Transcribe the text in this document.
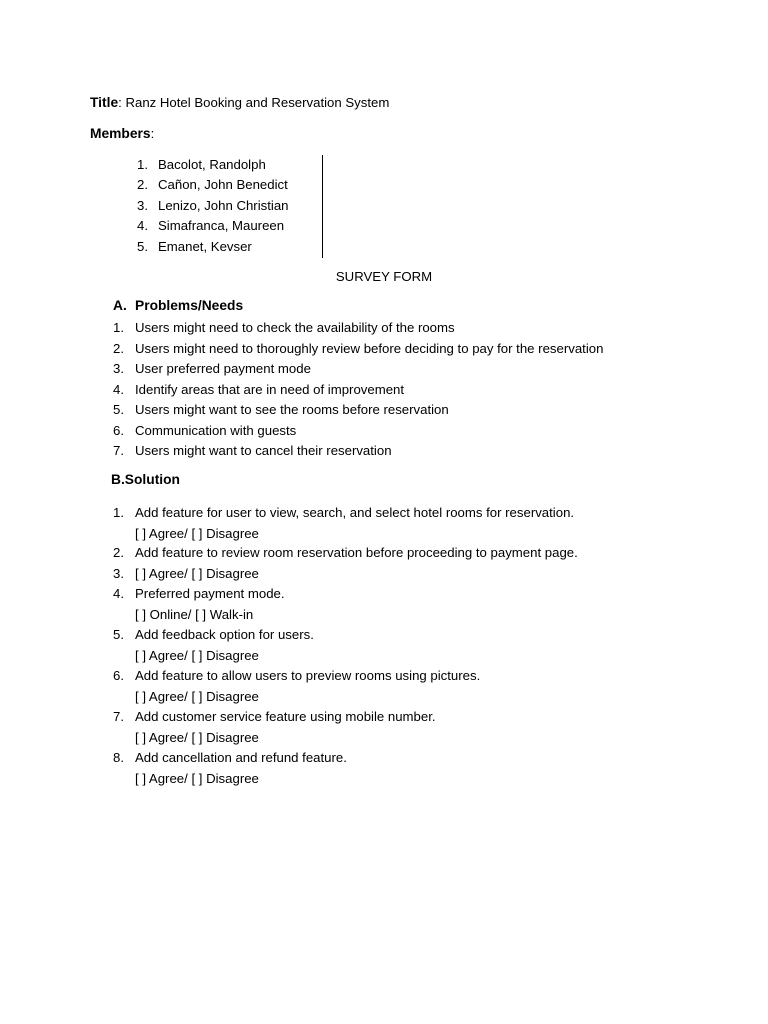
Title: Ranz Hotel Booking and Reservation System
Members:
1. Bacolot, Randolph
2. Cañon, John Benedict
3. Lenizo, John Christian
4. Simafranca, Maureen
5. Emanet, Kevser
SURVEY FORM
A. Problems/Needs
1. Users might need to check the availability of the rooms
2. Users might need to thoroughly review before deciding to pay for the reservation
3. User preferred payment mode
4. Identify areas that are in need of improvement
5. Users might want to see the rooms before reservation
6. Communication with guests
7. Users might want to cancel their reservation
B.Solution
1. Add feature for user to view, search, and select hotel rooms for reservation.
[ ] Agree/ [ ] Disagree
2. Add feature to review room reservation before proceeding to payment page.
3. [ ] Agree/ [ ] Disagree
4. Preferred payment mode.
[ ] Online/ [ ] Walk-in
5. Add feedback option for users.
[ ] Agree/ [ ] Disagree
6. Add feature to allow users to preview rooms using pictures.
[ ] Agree/ [ ] Disagree
7. Add customer service feature using mobile number.
[ ] Agree/ [ ] Disagree
8. Add cancellation and refund feature.
[ ] Agree/ [ ] Disagree
